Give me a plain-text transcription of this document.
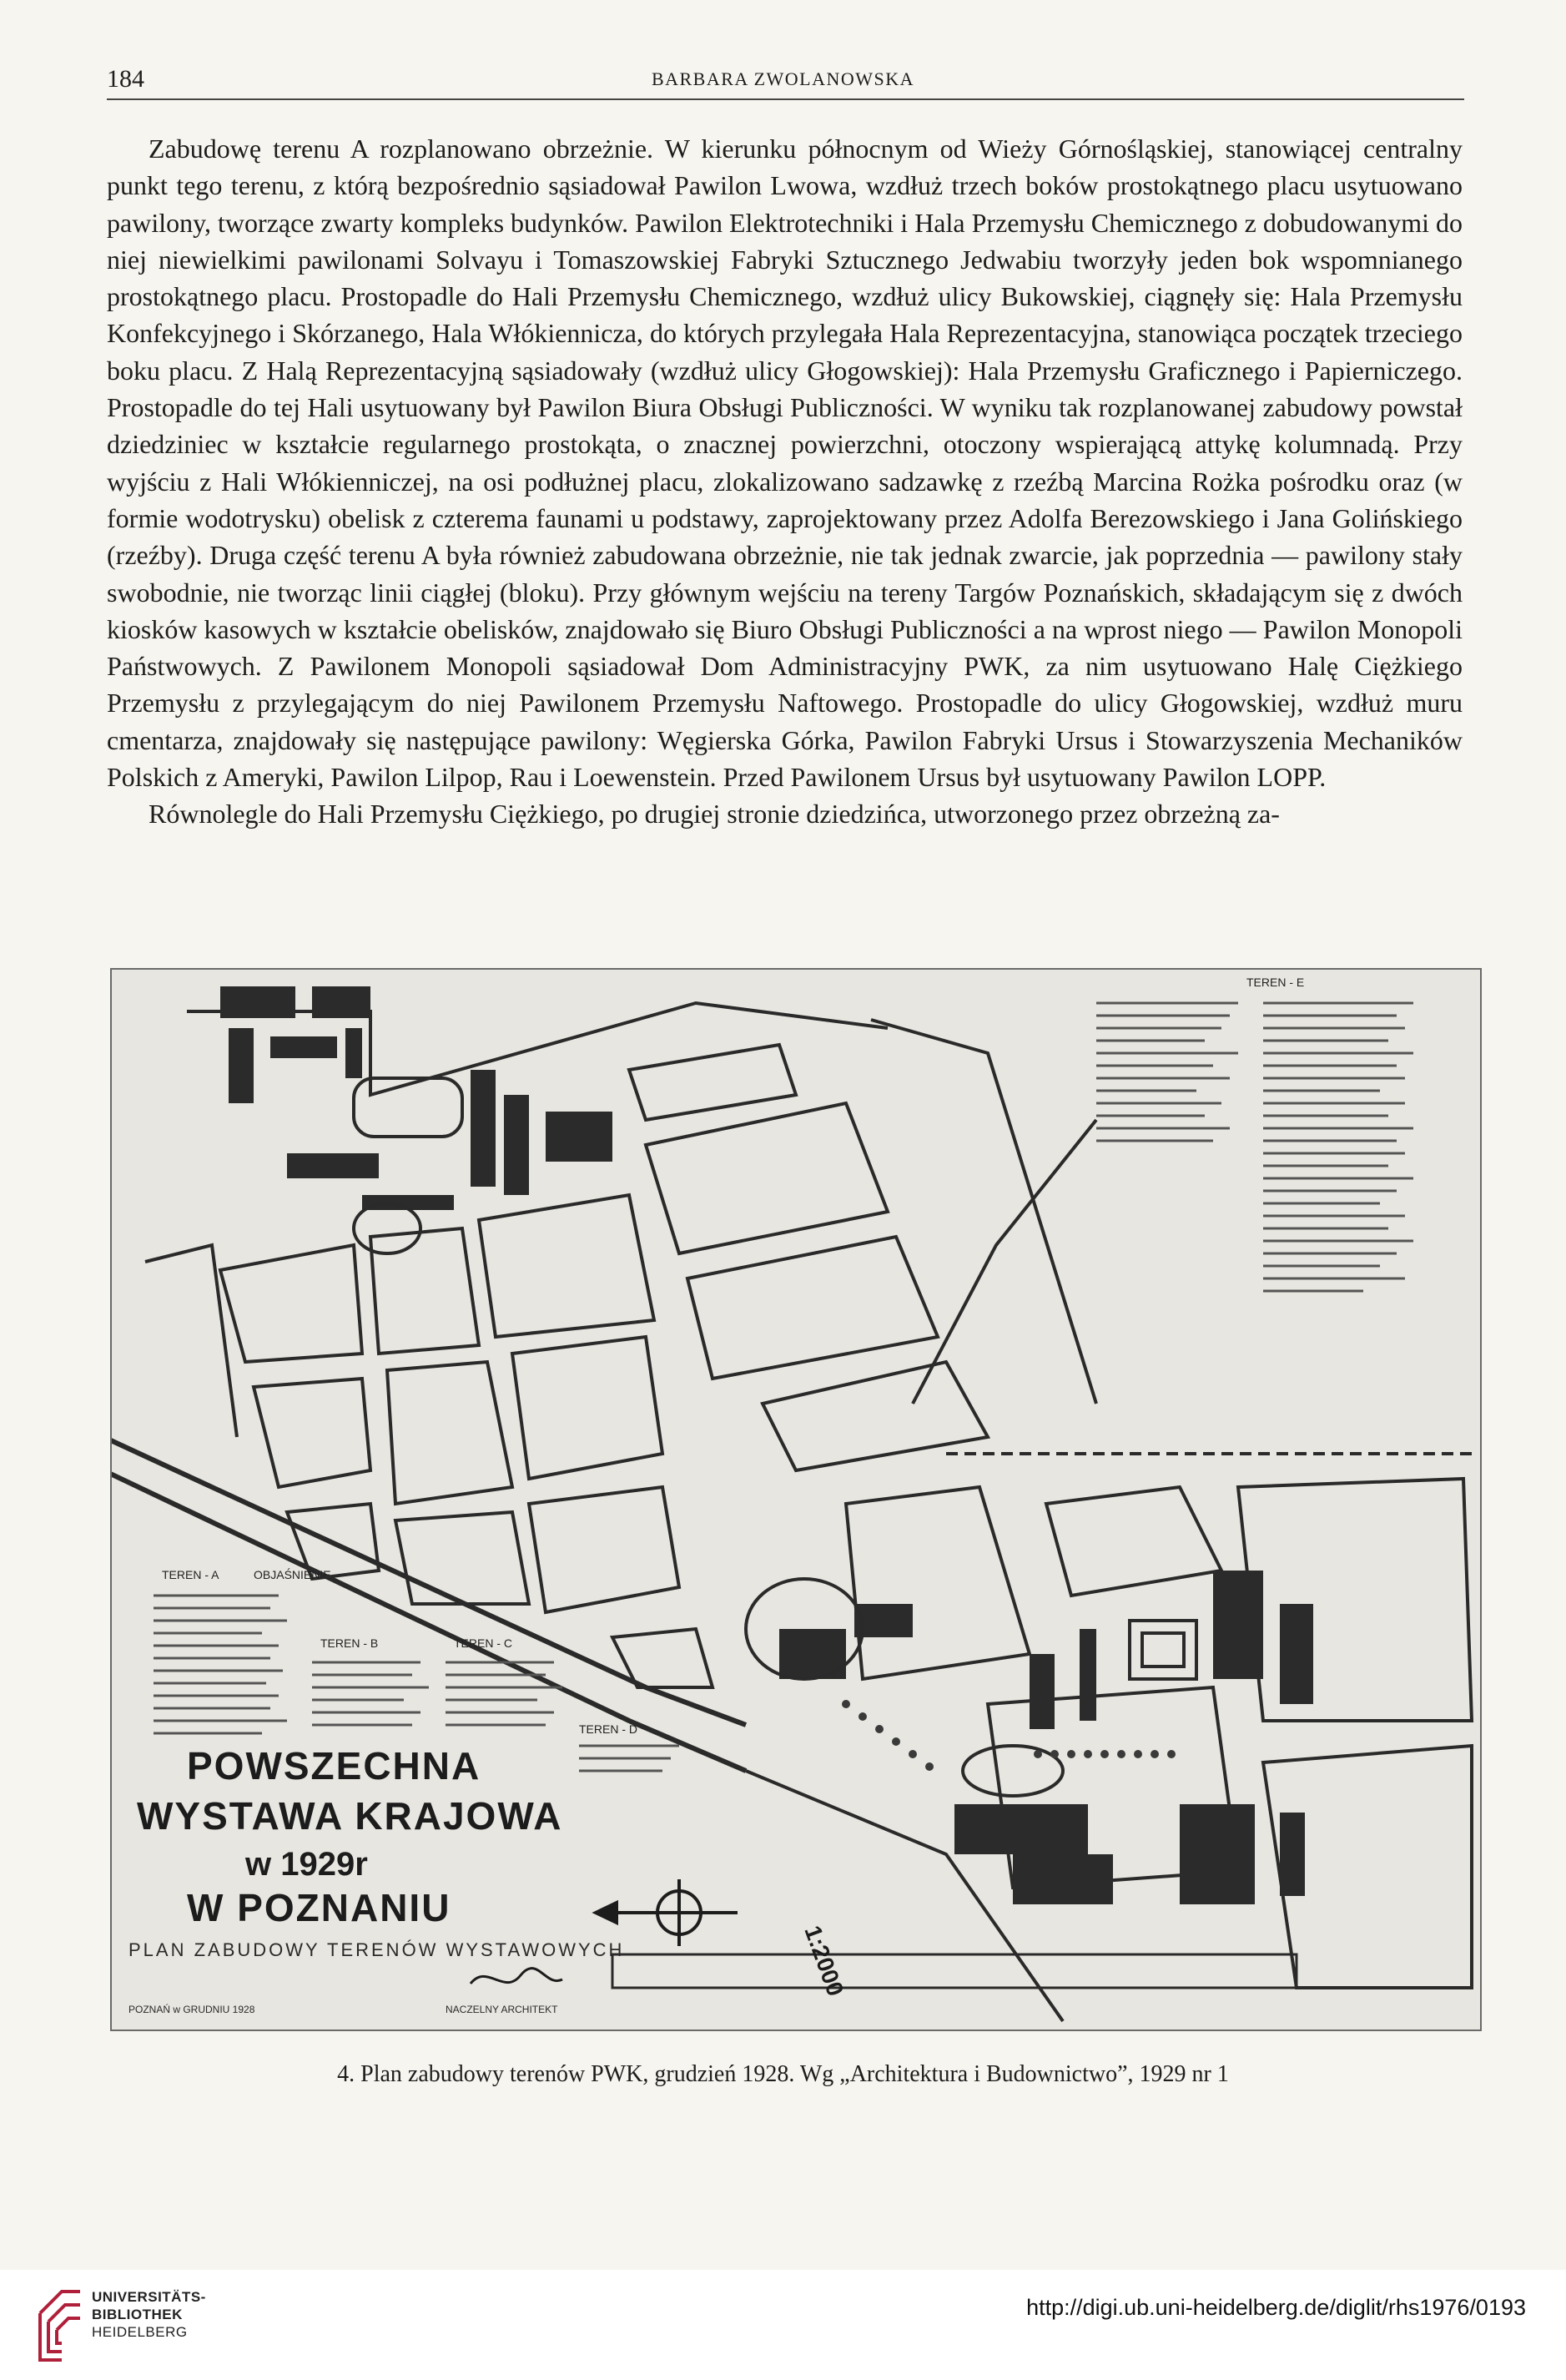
184	BARBARA ZWOLANOWSKA

Zabudowę terenu A rozplanowano obrzeżnie. W kierunku północnym od Wieży Górnośląskiej, stanowiącej centralny punkt tego terenu, z którą bezpośrednio sąsiadował Pawilon Lwowa, wzdłuż trzech boków prostokątnego placu usytuowano pawilony, tworzące zwarty kompleks budynków. Pawilon Elektrotechniki i Hala Przemysłu Chemicznego z dobudowanymi do niej niewielkimi pawilonami Solvayu i Tomaszowskiej Fabryki Sztucznego Jedwabiu tworzyły jeden bok wspomnianego prostokątnego placu. Prostopadle do Hali Przemysłu Chemicznego, wzdłuż ulicy Bukowskiej, ciągnęły się: Hala Przemysłu Konfekcyjnego i Skórzanego, Hala Włókiennicza, do których przylegała Hala Reprezentacyjna, stanowiąca początek trzeciego boku placu. Z Halą Reprezentacyjną sąsiadowały (wzdłuż ulicy Głogowskiej): Hala Przemysłu Graficznego i Papierniczego. Prostopadle do tej Hali usytuowany był Pawilon Biura Obsługi Publiczności. W wyniku tak rozplanowanej zabudowy powstał dziedziniec w kształcie regularnego prostokąta, o znacznej powierzchni, otoczony wspierającą attykę kolumnadą. Przy wyjściu z Hali Włókienniczej, na osi podłużnej placu, zlokalizowano sadzawkę z rzeźbą Marcina Rożka pośrodku oraz (w formie wodotrysku) obelisk z czterema faunami u podstawy, zaprojektowany przez Adolfa Berezowskiego i Jana Golińskiego (rzeźby). Druga część terenu A była również zabudowana obrzeżnie, nie tak jednak zwarcie, jak poprzednia — pawilony stały swobodnie, nie tworząc linii ciągłej (bloku). Przy głównym wejściu na tereny Targów Poznańskich, składającym się z dwóch kiosków kasowych w kształcie obelisków, znajdowało się Biuro Obsługi Publiczności a na wprost niego — Pawilon Monopoli Państwowych. Z Pawilonem Monopoli sąsiadował Dom Administracyjny PWK, za nim usytuowano Halę Ciężkiego Przemysłu z przylegającym do niej Pawilonem Przemysłu Naftowego. Prostopadle do ulicy Głogowskiej, wzdłuż muru cmentarza, znajdowały się następujące pawilony: Węgierska Górka, Pawilon Fabryki Ursus i Stowarzyszenia Mechaników Polskich z Ameryki, Pawilon Lilpop, Rau i Loewenstein. Przed Pawilonem Ursus był usytuowany Pawilon LOPP.

Równolegle do Hali Przemysłu Ciężkiego, po drugiej stronie dziedzińca, utworzonego przez obrzeżną za-

TEREN - A	OBJAŚNIENIE
TEREN - B	TEREN - C
TEREN - D
TEREN - E
POWSZECHNA
WYSTAWA KRAJOWA
w 1929r
W POZNANIU
PLAN ZABUDOWY TERENÓW WYSTAWOWYCH
POZNAŃ w GRUDNIU 1928	NACZELNY ARCHITEKT
1:2000
4. Plan zabudowy terenów PWK, grudzień 1928. Wg „Architektura i Budownictwo”, 1929 nr 1
UNIVERSITÄTS-
BIBLIOTHEK
HEIDELBERG
http://digi.ub.uni-heidelberg.de/diglit/rhs1976/0193
